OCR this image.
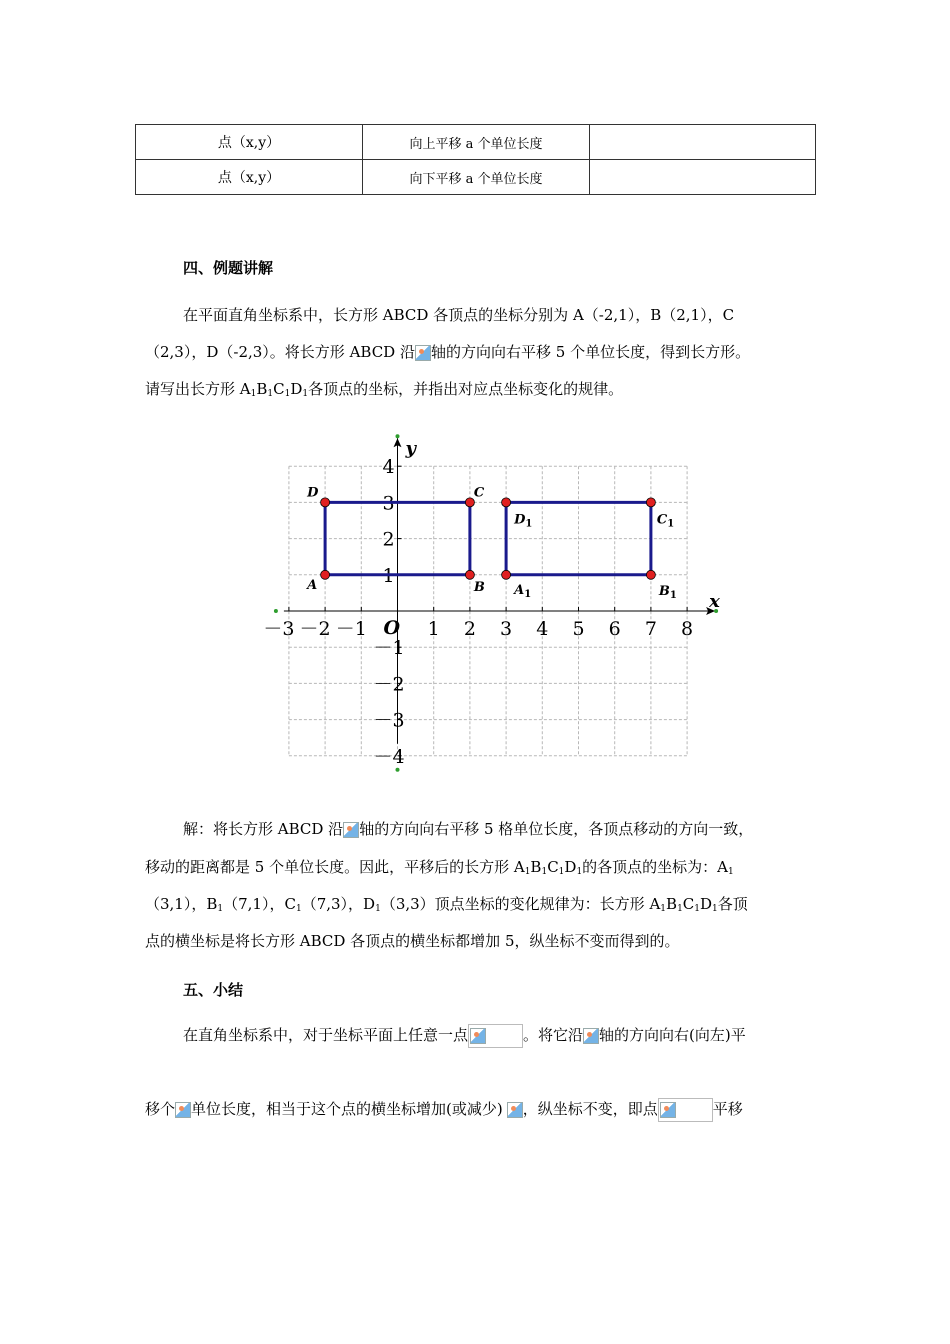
点（x,y）	向上平移 a 个单位长度	
点（x,y）	向下平移 a 个单位长度	
四、例题讲解
在平面直角坐标系中，长方形 ABCD 各顶点的坐标分别为 A（-2,1），B（2,1），C
（2,3），D（-2,3）。将长方形 ABCD 沿 轴的方向向右平移 5 个单位长度，得到长方形。
请写出长方形 $A_1B_1C_1D_1$各顶点的坐标，并指出对应点坐标变化的规律。
x
y
O
－3 －2 －1	1 2 3 4 5 6 7 8
4
3
2
1
－1
－2
－3
－4
A	B
C
D
$A_1$	$B_1$
$C_1$
$D_1$
解：将长方形 ABCD 沿 轴的方向向右平移 5 格单位长度，各顶点移动的方向一致，
移动的距离都是 5 个单位长度。因此，平移后的长方形 $A_1B_1C_1D_1$的各顶点的坐标为：$A_1$
（3,1），$B_1(7,1)$，$C_1(7,3)$，$D_1(3,3)$顶点坐标的变化规律为：长方形 $A_1B_1C_1D_1$各顶
点的横坐标是将长方形 ABCD 各顶点的横坐标都增加 5，纵坐标不变而得到的。
五、小结
在直角坐标系中，对于坐标平面上任意一点	。将它沿 轴的方向向右(向左)平
移个 单位长度，相当于这个点的横坐标增加(或减少) ，纵坐标不变，即点	平移
